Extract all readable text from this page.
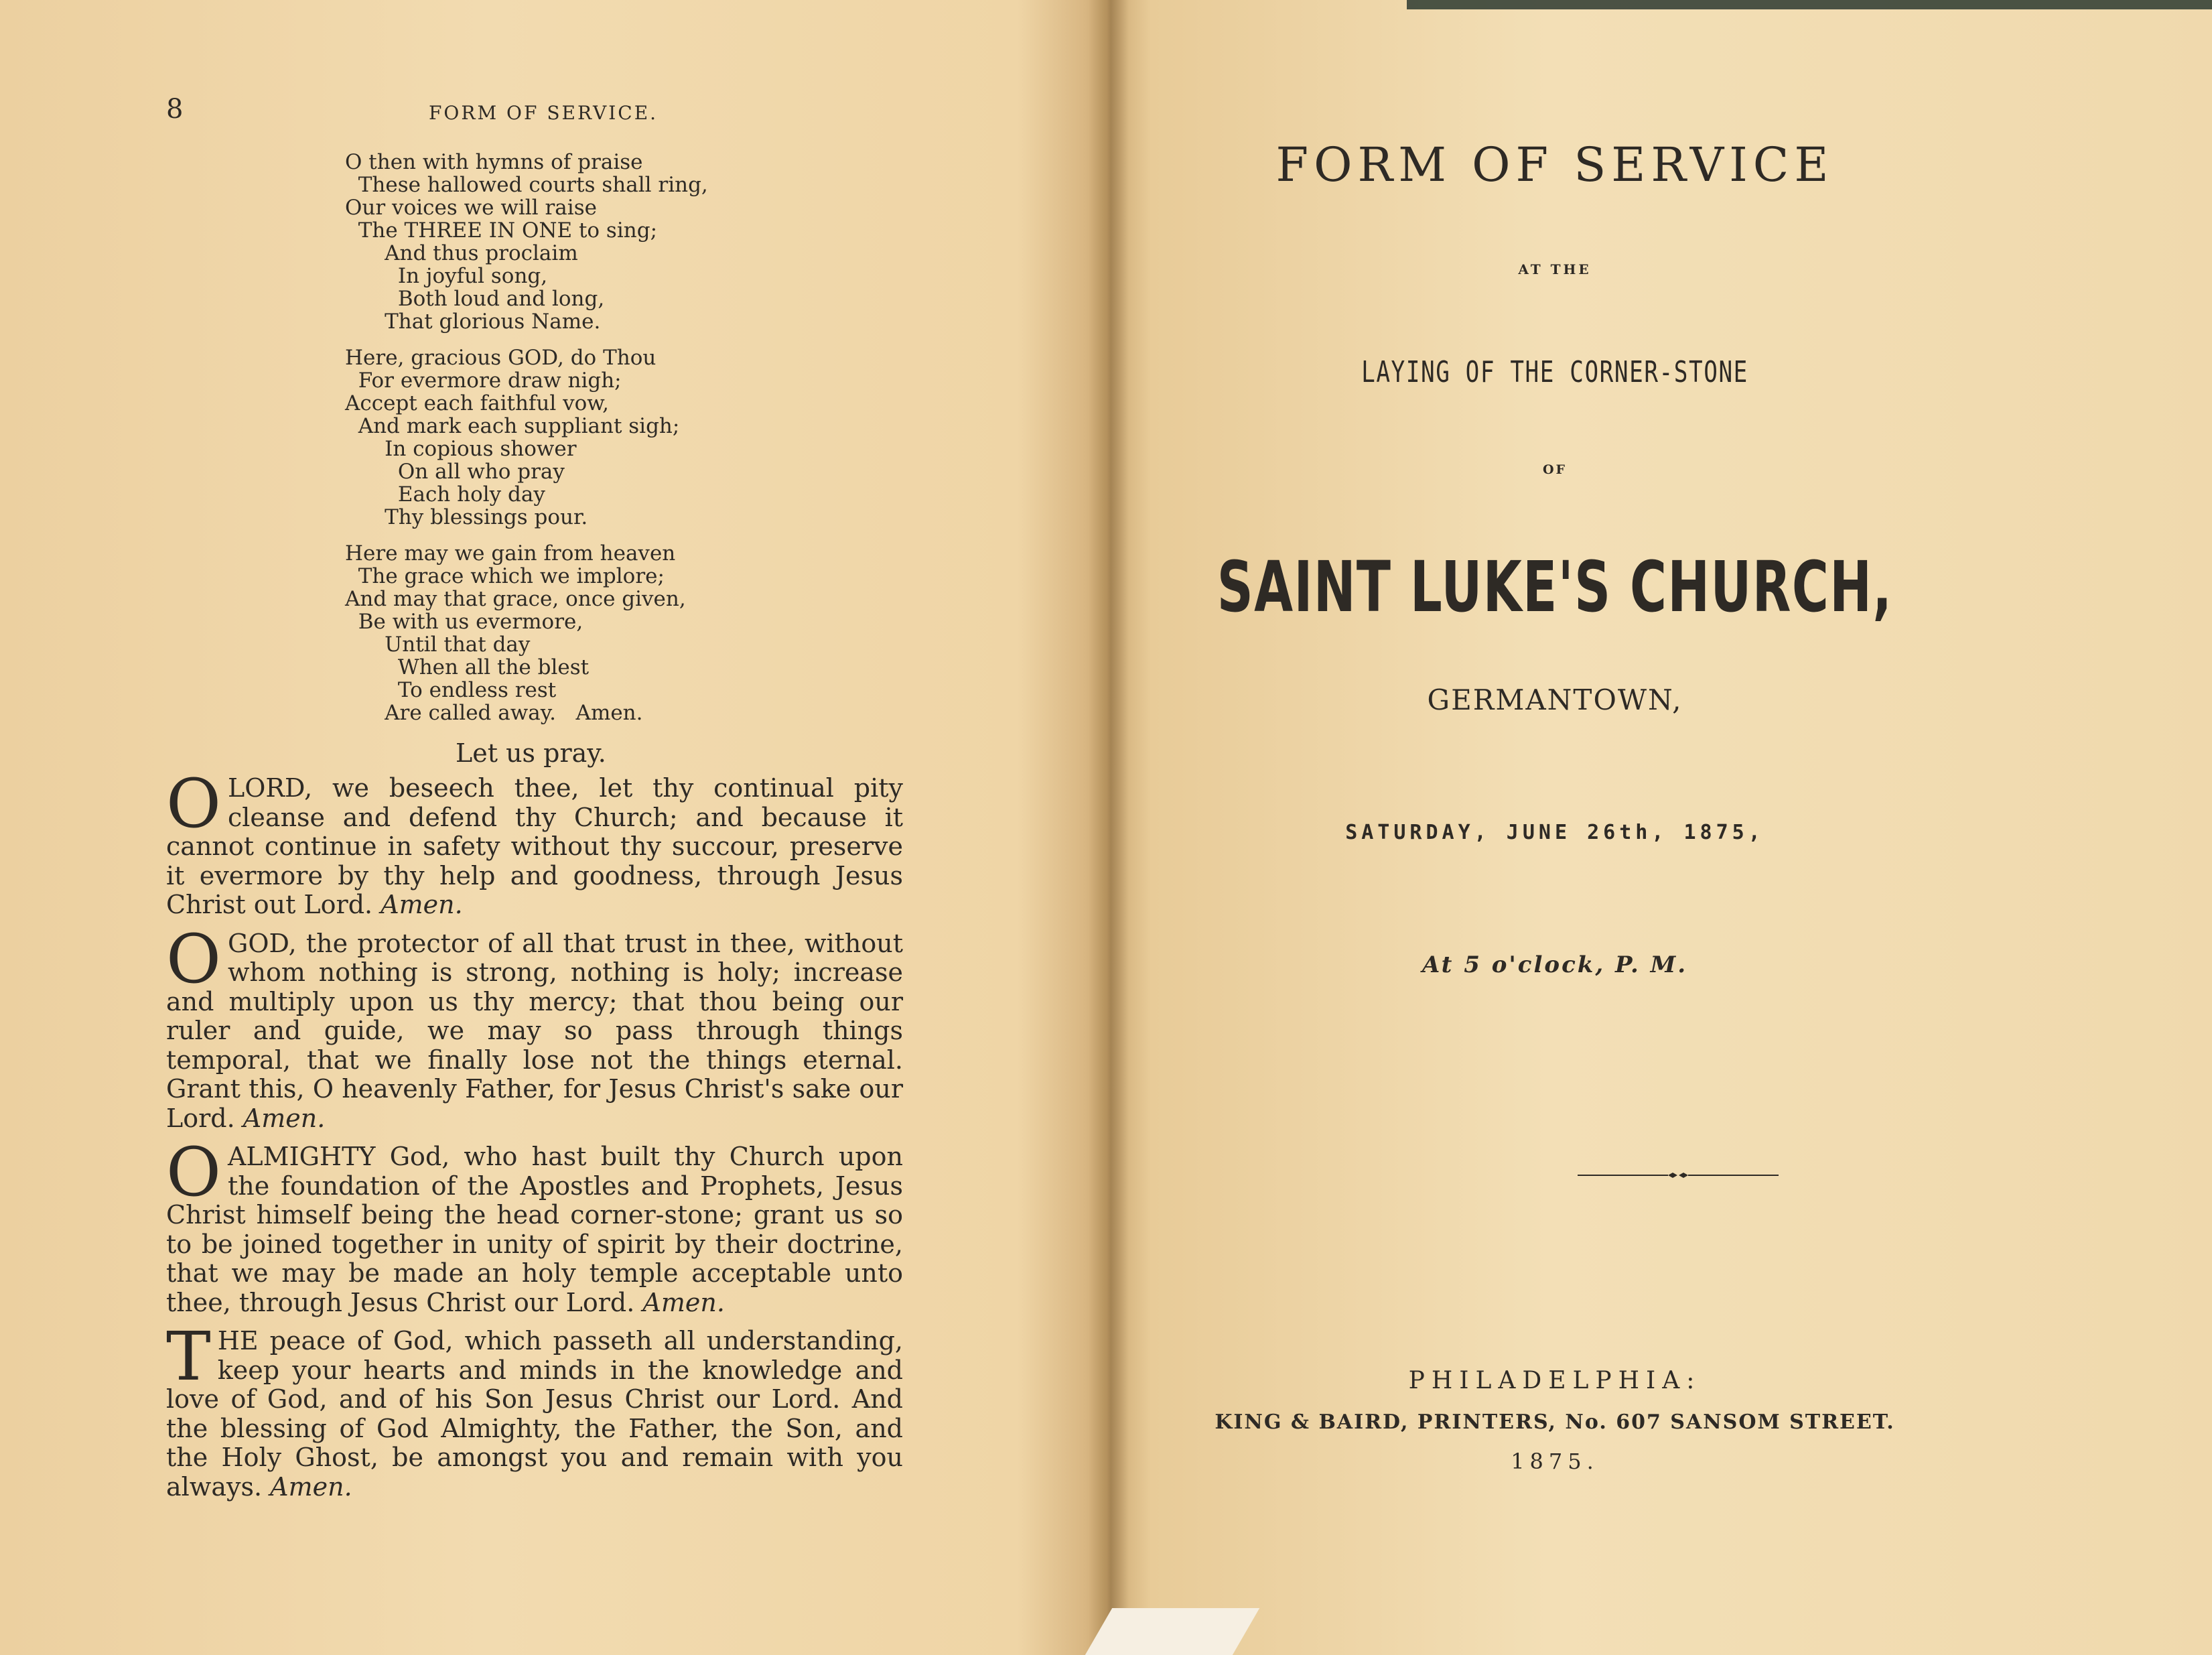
8	FORM OF SERVICE.
O then with hymns of praise
These hallowed courts shall ring,
Our voices we will raise
The THREE IN ONE to sing;
And thus proclaim
In joyful song,
Both loud and long,
That glorious Name.
Here, gracious GOD, do Thou
For evermore draw nigh;
Accept each faithful vow,
And mark each suppliant sigh;
In copious shower
On all who pray
Each holy day
Thy blessings pour.
Here may we gain from heaven
The grace which we implore;
And may that grace, once given,
Be with us evermore,
Until that day
When all the blest
To endless rest
Are called away.   Amen.
Let us pray.
OLORD, we beseech thee, let thy continual pity cleanse and defend thy Church; and because it cannot continue in safety without thy succour, preserve it evermore by thy help and goodness, through Jesus Christ out Lord. Amen.
OGOD, the protector of all that trust in thee, without whom nothing is strong, nothing is holy; increase and multiply upon us thy mercy; that thou being our ruler and guide, we may so pass through things temporal, that we finally lose not the things eternal. Grant this, O heavenly Father, for Jesus Christ's sake our Lord. Amen.
OALMIGHTY God, who hast built thy Church upon the foundation of the Apostles and Prophets, Jesus Christ himself being the head corner-stone; grant us so to be joined together in unity of spirit by their doctrine, that we may be made an holy temple acceptable unto thee, through Jesus Christ our Lord. Amen.
THE peace of God, which passeth all understanding, keep your hearts and minds in the knowledge and love of God, and of his Son Jesus Christ our Lord. And the blessing of God Almighty, the Father, the Son, and the Holy Ghost, be amongst you and remain with you always. Amen.
FORM OF SERVICE
AT THE
LAYING OF THE CORNER-STONE
OF
SAINT LUKE'S CHURCH,
GERMANTOWN,
SATURDAY, JUNE 26th, 1875,
At 5 o'clock, P. M.
PHILADELPHIA:
KING & BAIRD, PRINTERS, No. 607 SANSOM STREET.
1875.
